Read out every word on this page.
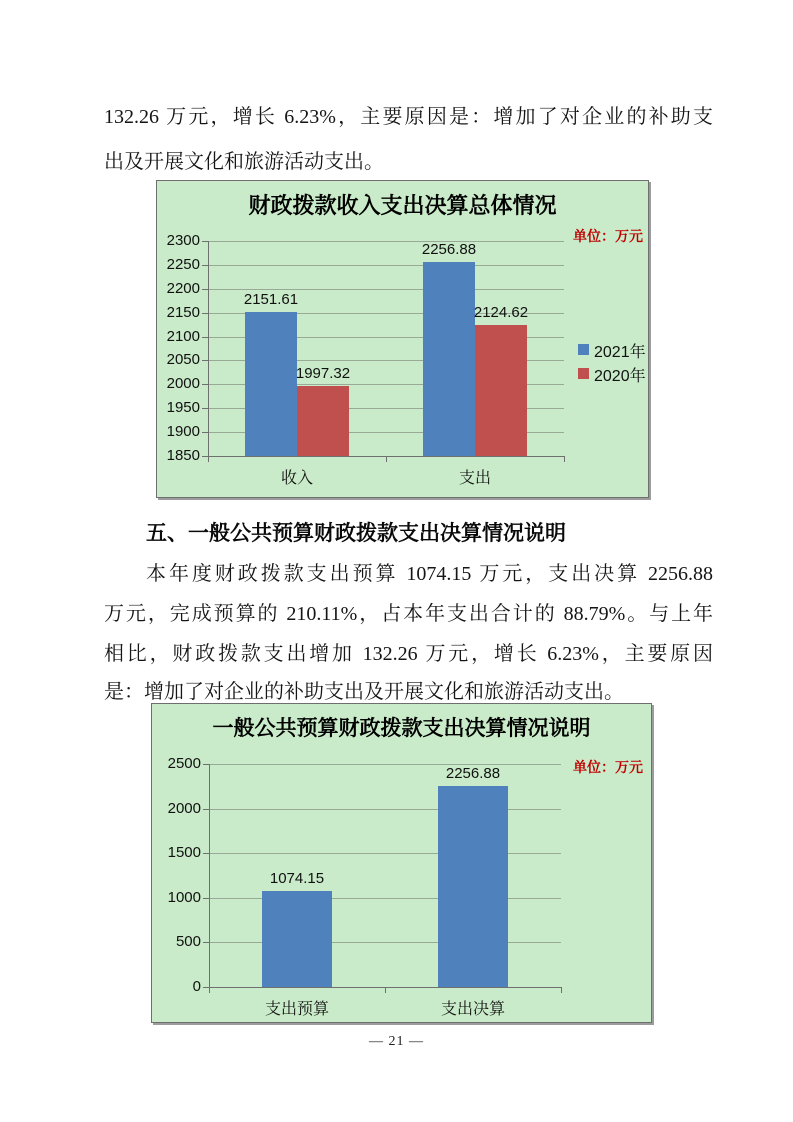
132.26 万元，增长 6.23%，主要原因是：增加了对企业的补助支
出及开展文化和旅游活动支出。
财政拨款收入支出决算总体情况
单位：万元
1850
1900
1950
2000
2050
2100
2150
2200
2250
2300
收入
2151.61
1997.32
支出
2256.88
2124.62
2021年
2020年
五、一般公共预算财政拨款支出决算情况说明
本年度财政拨款支出预算 1074.15 万元，支出决算 2256.88
万元，完成预算的 210.11%，占本年支出合计的 88.79%。与上年
相比，财政拨款支出增加 132.26 万元，增长 6.23%，主要原因
是：增加了对企业的补助支出及开展文化和旅游活动支出。
一般公共预算财政拨款支出决算情况说明
单位：万元
0
500
1000
1500
2000
2500
支出预算
1074.15
支出决算
2256.88
— 21 —
